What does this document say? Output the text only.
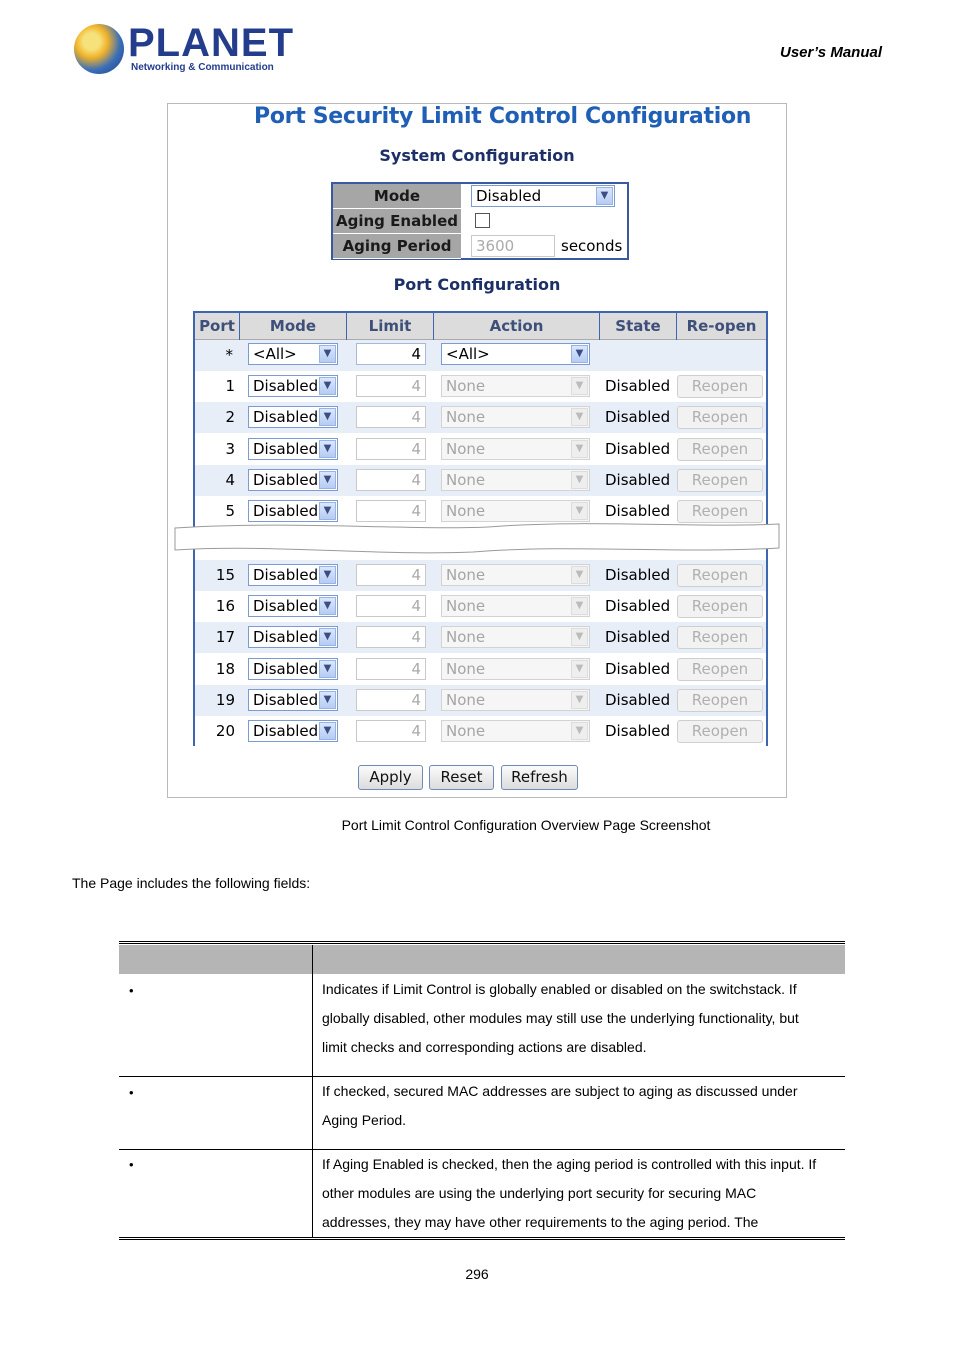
PLANET
Networking & Communication
User’s Manual
Port Security Limit Control Configuration
System Configuration
Mode	Disabled	▼
Aging Enabled
Aging Period	3600	seconds
Port Configuration
Port	Mode	Limit	Action	State	Re-open
*	<All>	▼	4	<All>	▼
1	Disabled ▼	4	None	▼	Disabled	Reopen
2	Disabled ▼	4	None	▼	Disabled	Reopen
3	Disabled ▼	4	None	▼	Disabled	Reopen
4	Disabled ▼	4	None	▼	Disabled	Reopen
5	Disabled ▼	4	None	▼	Disabled	Reopen
15	Disabled ▼	4	None	▼	Disabled	Reopen
16	Disabled ▼	4	None	▼	Disabled	Reopen
17	Disabled ▼	4	None	▼	Disabled	Reopen
18	Disabled ▼	4	None	▼	Disabled	Reopen
19	Disabled ▼	4	None	▼	Disabled	Reopen
20	Disabled ▼	4	None	▼	Disabled	Reopen
Apply	Reset	Refresh
Port Limit Control Configuration Overview Page Screenshot
The Page includes the following fields:
•	Indicates if Limit Control is globally enabled or disabled on the switchstack. If
globally disabled, other modules may still use the underlying functionality, but
limit checks and corresponding actions are disabled.
•	If checked, secured MAC addresses are subject to aging as discussed under
Aging Period.
•	If Aging Enabled is checked, then the aging period is controlled with this input. If
other modules are using the underlying port security for securing MAC
addresses, they may have other requirements to the aging period. The
296
